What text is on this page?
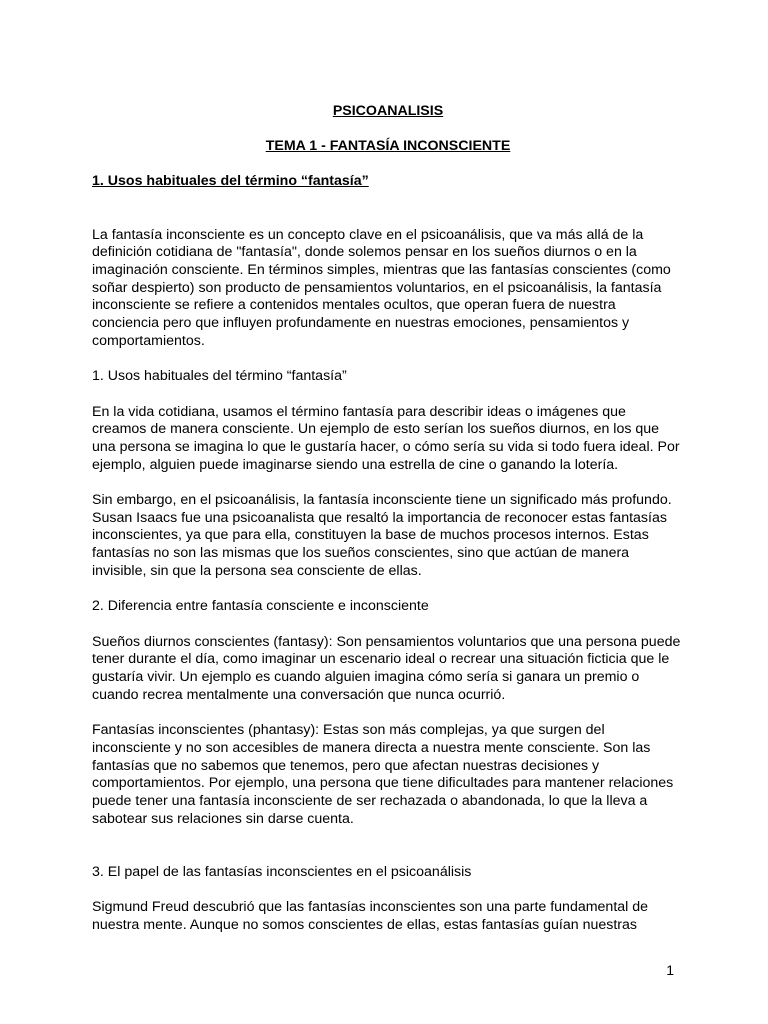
PSICOANALISIS
TEMA 1 - FANTASÍA INCONSCIENTE
1. Usos habituales del término “fantasía”

La fantasía inconsciente es un concepto clave en el psicoanálisis, que va más allá de la definición cotidiana de "fantasía", donde solemos pensar en los sueños diurnos o en la imaginación consciente. En términos simples, mientras que las fantasías conscientes (como soñar despierto) son producto de pensamientos voluntarios, en el psicoanálisis, la fantasía inconsciente se refiere a contenidos mentales ocultos, que operan fuera de nuestra conciencia pero que influyen profundamente en nuestras emociones, pensamientos y comportamientos.

1. Usos habituales del término “fantasía”

En la vida cotidiana, usamos el término fantasía para describir ideas o imágenes que creamos de manera consciente. Un ejemplo de esto serían los sueños diurnos, en los que una persona se imagina lo que le gustaría hacer, o cómo sería su vida si todo fuera ideal. Por ejemplo, alguien puede imaginarse siendo una estrella de cine o ganando la lotería.

Sin embargo, en el psicoanálisis, la fantasía inconsciente tiene un significado más profundo. Susan Isaacs fue una psicoanalista que resaltó la importancia de reconocer estas fantasías inconscientes, ya que para ella, constituyen la base de muchos procesos internos. Estas fantasías no son las mismas que los sueños conscientes, sino que actúan de manera invisible, sin que la persona sea consciente de ellas.

2. Diferencia entre fantasía consciente e inconsciente

Sueños diurnos conscientes (fantasy): Son pensamientos voluntarios que una persona puede tener durante el día, como imaginar un escenario ideal o recrear una situación ficticia que le gustaría vivir. Un ejemplo es cuando alguien imagina cómo sería si ganara un premio o cuando recrea mentalmente una conversación que nunca ocurrió.

Fantasías inconscientes (phantasy): Estas son más complejas, ya que surgen del inconsciente y no son accesibles de manera directa a nuestra mente consciente. Son las fantasías que no sabemos que tenemos, pero que afectan nuestras decisiones y comportamientos. Por ejemplo, una persona que tiene dificultades para mantener relaciones puede tener una fantasía inconsciente de ser rechazada o abandonada, lo que la lleva a sabotear sus relaciones sin darse cuenta.

3. El papel de las fantasías inconscientes en el psicoanálisis

Sigmund Freud descubrió que las fantasías inconscientes son una parte fundamental de nuestra mente. Aunque no somos conscientes de ellas, estas fantasías guían nuestras

1
